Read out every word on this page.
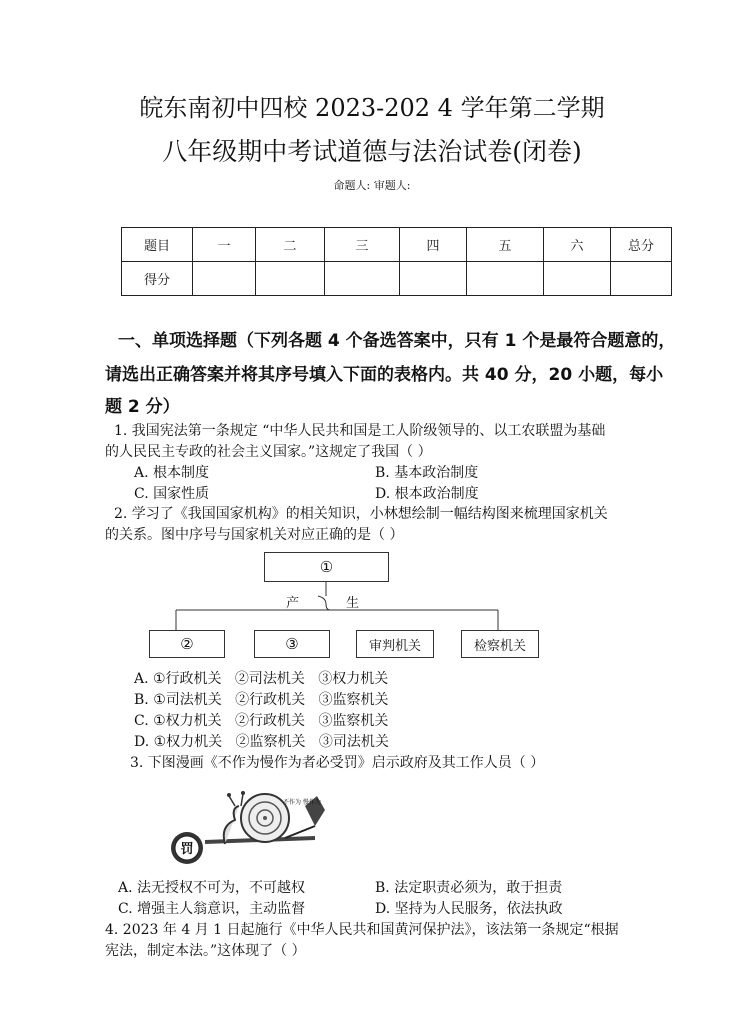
皖东南初中四校 2023-202 4 学年第二学期
八年级期中考试道德与法治试卷(闭卷)
命题人: 审题人:
题目	一	二	三	四	五	六	总分
得分							
一、单项选择题（下列各题 4 个备选答案中，只有 1 个是最符合题意的，
请选出正确答案并将其序号填入下面的表格内。共 40 分，20 小题，每小
题 2 分）
1. 我国宪法第一条规定 “中华人民共和国是工人阶级领导的、以工农联盟为基础
的人民民主专政的社会主义国家。”这规定了我国（ ）
A. 根本制度	B. 基本政治制度
C. 国家性质	D. 根本政治制度
2. 学习了《我国国家机构》的相关知识，小林想绘制一幅结构图来梳理国家机关
的关系。图中序号与国家机关对应正确的是（ ）
①
产	生
②	③	审判机关	检察机关
A. ①行政机关   ②司法机关   ③权力机关
B. ①司法机关   ②行政机关   ③监察机关
C. ①权力机关   ②行政机关   ③监察机关
D. ①权力机关   ②监察机关   ③司法机关
3. 下图漫画《不作为慢作为者必受罚》启示政府及其工作人员（ ）
罚
不作为 慢作为
A. 法无授权不可为，不可越权	B. 法定职责必须为，敢于担责
C. 增强主人翁意识，主动监督	D. 坚持为人民服务，依法执政
4. 2023 年 4 月 1 日起施行《中华人民共和国黄河保护法》，该法第一条规定“根据
宪法，制定本法。”这体现了（ ）
